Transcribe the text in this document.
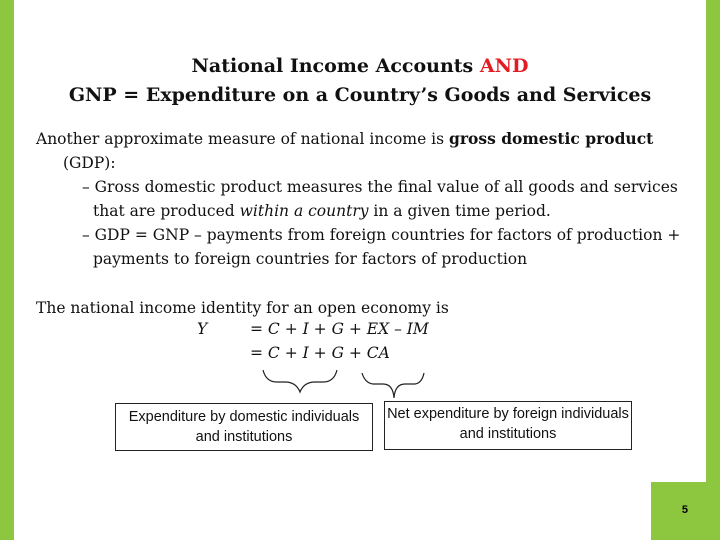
National Income Accounts AND
GNP = Expenditure on a Country’s Goods and Services
Another approximate measure of national income is gross domestic product (GDP):
– Gross domestic product measures the final value of all goods and services that are produced within a country in a given time period.
– GDP = GNP – payments from foreign countries for factors of production + payments to foreign countries for factors of production
The national income identity for an open economy is
Y	= C + I + G + EX – IM
= C + I + G + CA
Expenditure by domestic individuals and institutions
Net expenditure by foreign individuals and institutions
5
